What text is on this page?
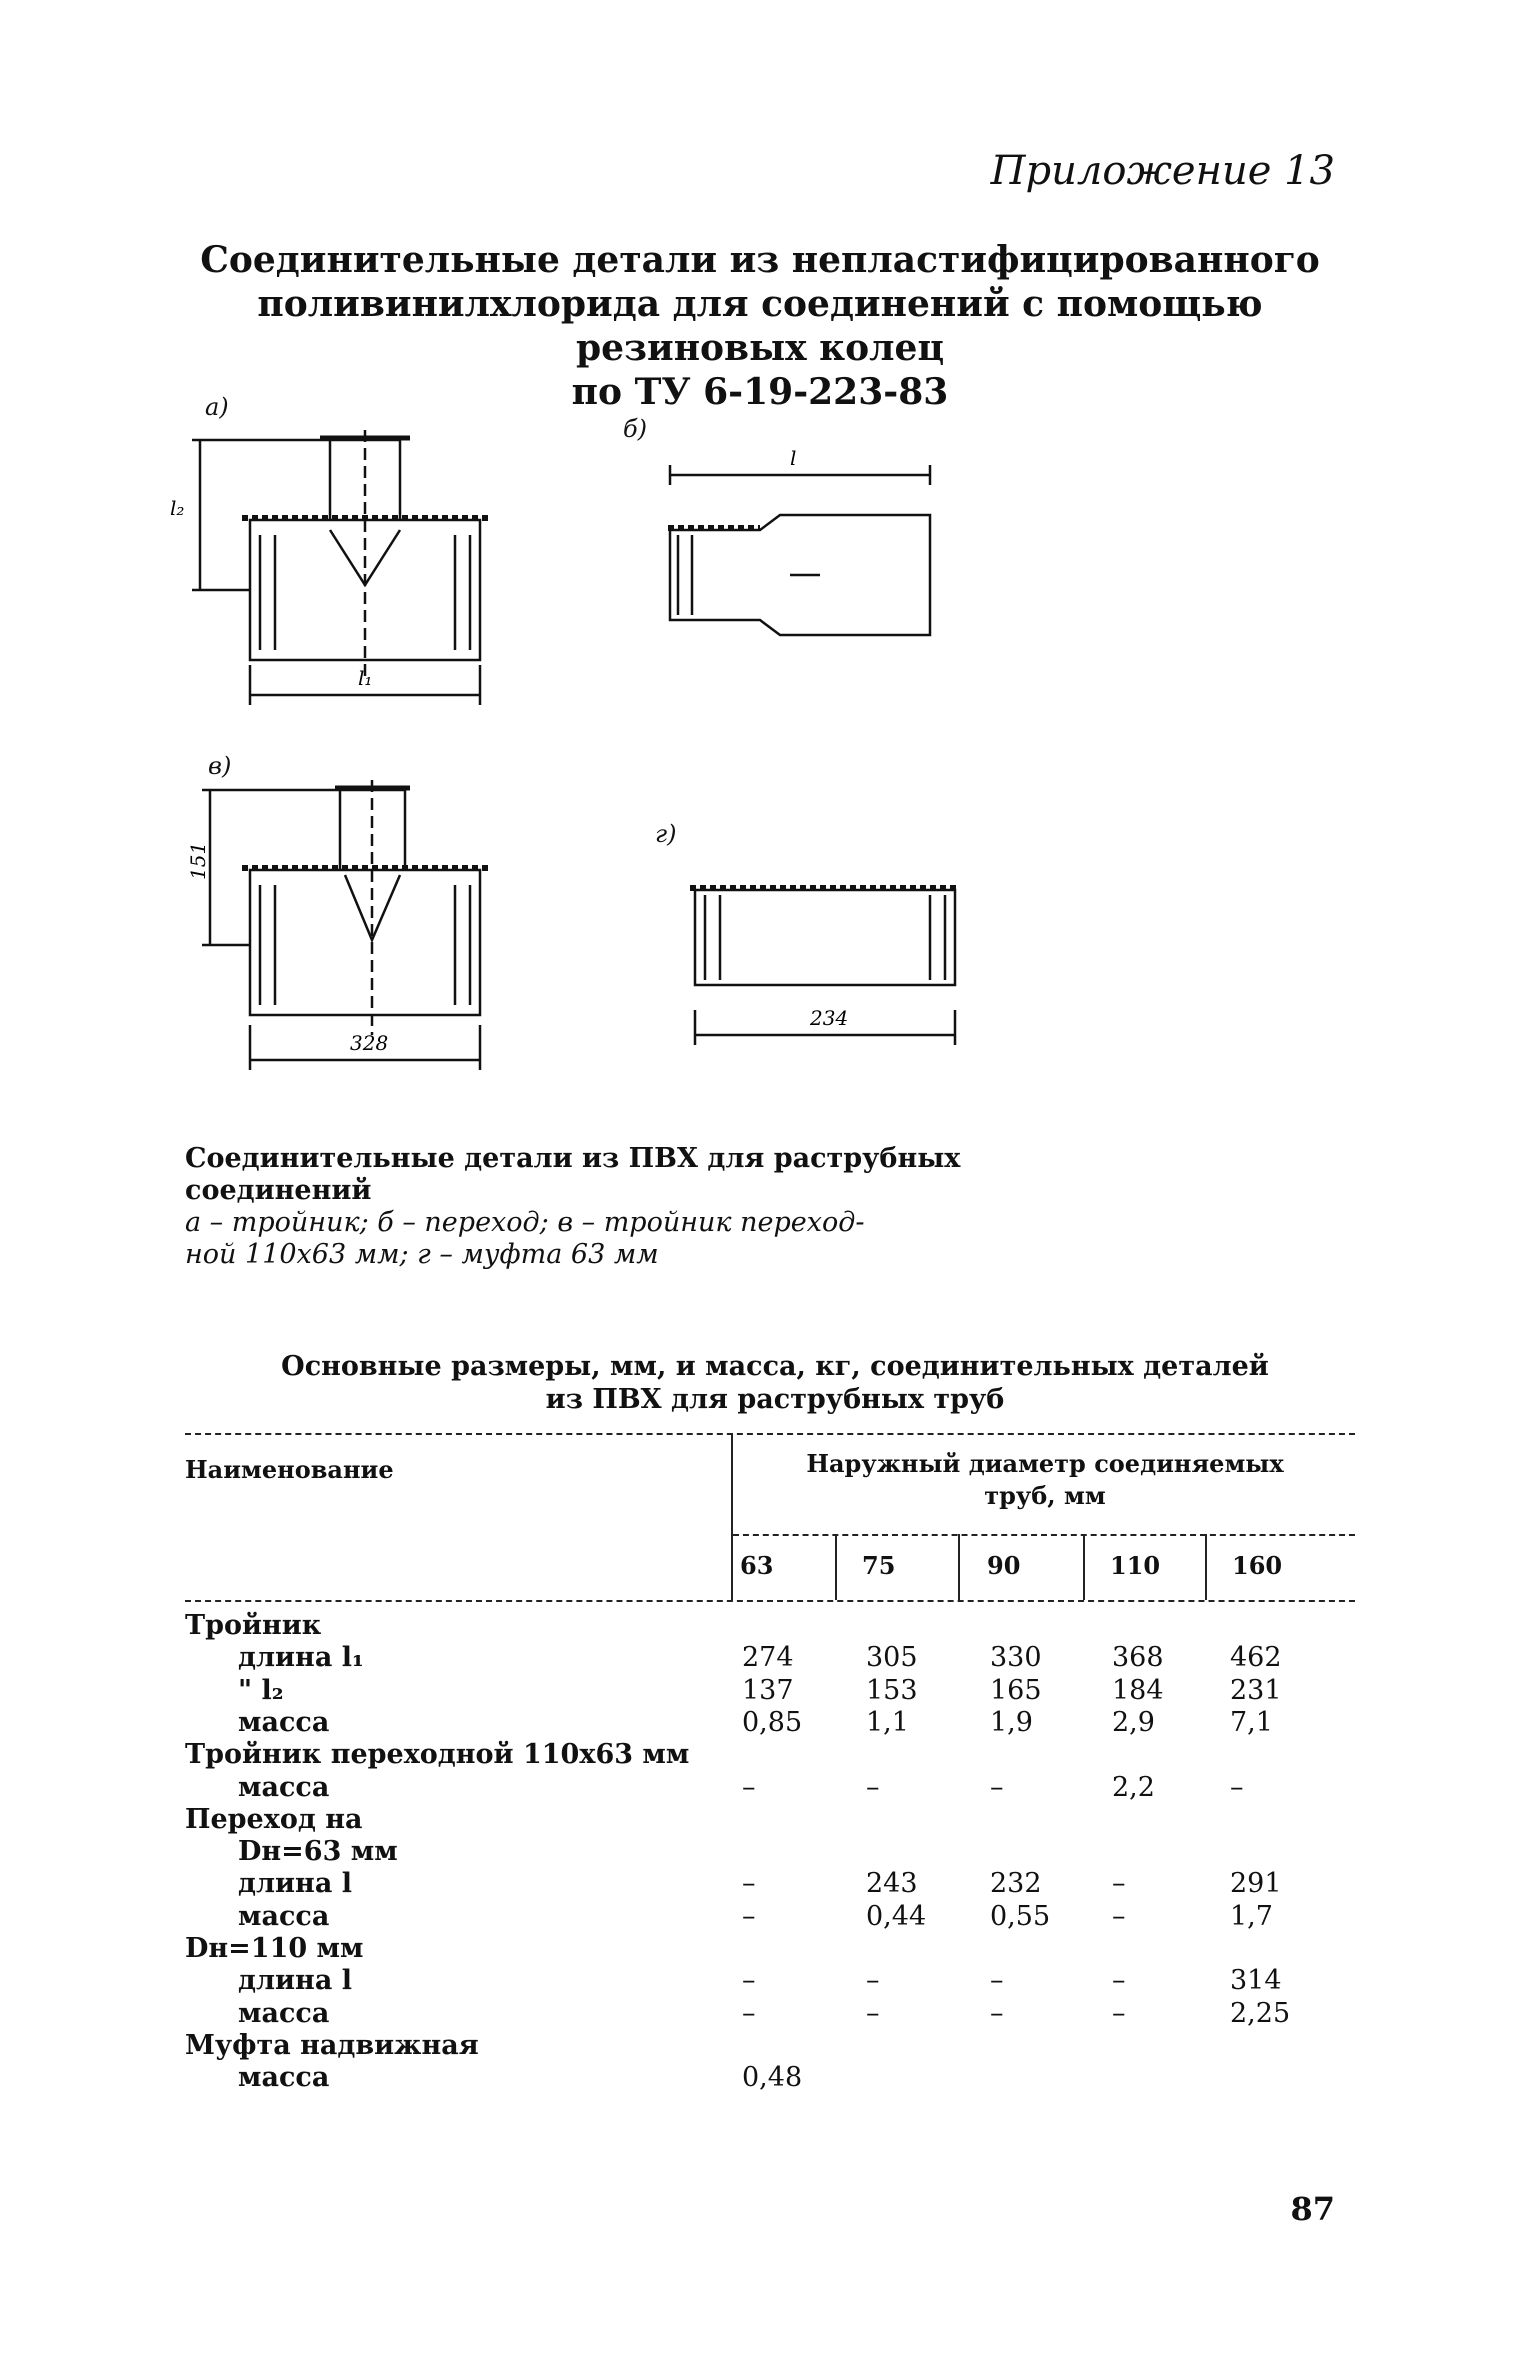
Приложение 13
Соединительные детали из непластифицированного
поливинилхлорида для соединений с помощью резиновых колец
по ТУ 6-19-223-83
а)
l₂
l₁
б)
l
в)
151
328
г)
234
Соединительные детали из ПВХ для раструбных соединений
а – тройник; б – переход; в – тройник переход-
ной 110х63 мм; г – муфта 63 мм
Основные размеры, мм, и масса, кг, соединительных деталей
из ПВХ для раструбных труб
Наименование	Наружный диаметр соединяемых
труб, мм
63	75	90	110	160
Тройник
длина l₁	274	305	330	368	462
" l₂	137	153	165	184	231
масса	0,85	1,1	1,9	2,9	7,1
Тройник переходной 110х63 мм
масса	–	–	–	2,2	–
Переход на
Dн=63 мм
длина l	–	243	232	–	291
масса	–	0,44	0,55	–	1,7
Dн=110 мм
длина l	–	–	–	–	314
масса	–	–	–	–	2,25
Муфта надвижная
масса	0,48
87
